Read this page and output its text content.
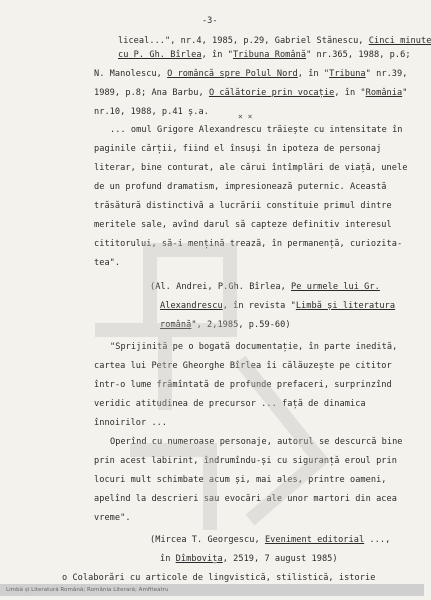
-3-
× ×
liceal...", nr.4, 1985, p.29, Gabriel Stănescu, Cinci minute
cu P. Gh. Bîrlea, în "Tribuna Română" nr.365, 1988, p.6;
N. Manolescu, O româncă spre Polul Nord, în "Tribuna" nr.39,
1989, p.8; Ana Barbu, O călătorie prin vocație, în "România"
nr.10, 1988, p.41 ș.a.
... omul Grigore Alexandrescu trăiește cu intensitate în
paginile cărții, fiind el însuși în ipoteza de personaj
literar, bine conturat, ale cărui întîmplări de viață, unele
de un profund dramatism, impresionează puternic. Această
trăsătură distinctivă a lucrării constituie primul dintre
meritele sale, avînd darul să capteze definitiv interesul
cititorului, să-i mențină trează, în permanență, curiozita-
tea".
(Al. Andrei, P.Gh. Bîrlea, Pe urmele lui Gr.
Alexandrescu, în revista "Limbă și literatura
română", 2,1985, p.59-60)
"Sprijinită pe o bogată documentație, în parte inedită,
cartea lui Petre Gheorghe Bîrlea îi călăuzește pe cititor
într-o lume frămîntată de profunde prefaceri, surprinzînd
veridic atitudinea de precursor ... față de dinamica
înnoirilor ...
Operînd cu numeroase personaje, autorul se descurcă bine
prin acest labirint, îndrumîndu-și cu siguranță eroul prin
locuri mult schimbate acum și, mai ales, printre oameni,
apelînd la descrieri sau evocări ale unor martori din acea
vreme".
(Mircea T. Georgescu, Eveniment editorial ...,
în Dîmbovița, 2519, 7 august 1985)
o Colaborări cu articole de lingvistică, stilistică, istorie
Limbă și Literatură Română; România Literară; Amfiteatru
